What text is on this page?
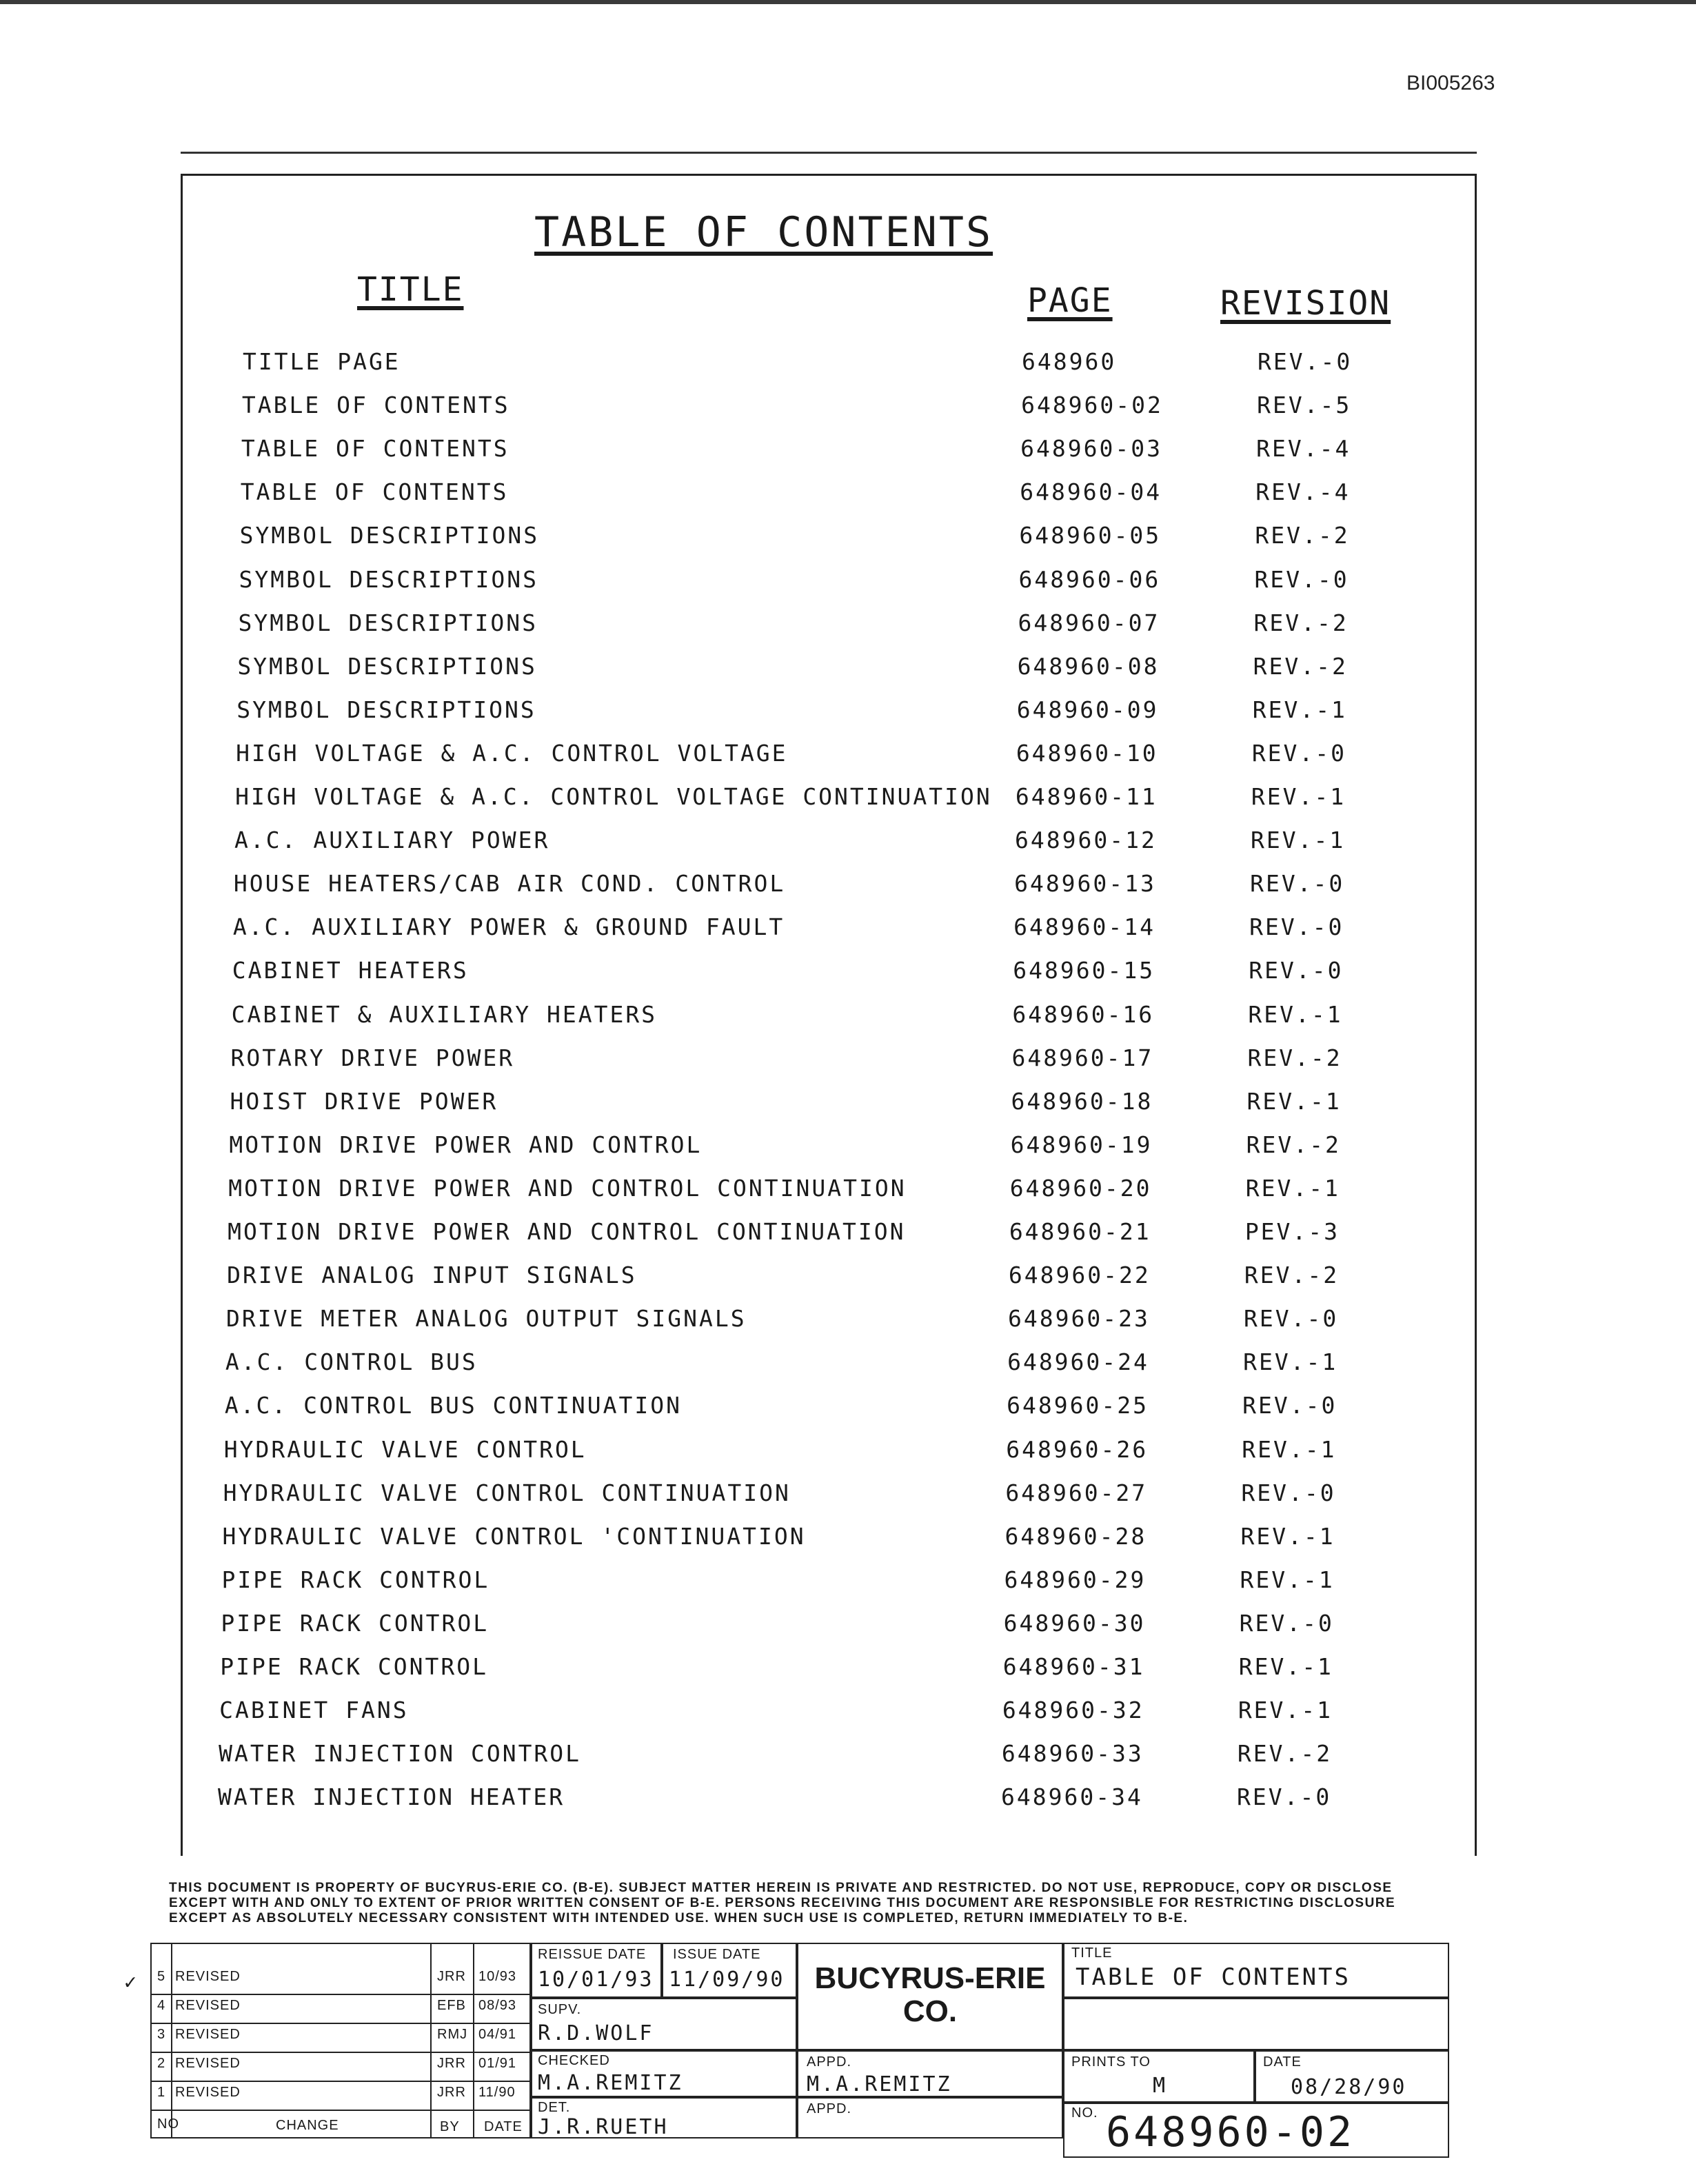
BI005263
TABLE OF CONTENTS
TITLE	PAGE	REVISION
TITLE PAGE	648960	REV.-0
TABLE OF CONTENTS	648960-02	REV.-5
TABLE OF CONTENTS	648960-03	REV.-4
TABLE OF CONTENTS	648960-04	REV.-4
SYMBOL DESCRIPTIONS	648960-05	REV.-2
SYMBOL DESCRIPTIONS	648960-06	REV.-0
SYMBOL DESCRIPTIONS	648960-07	REV.-2
SYMBOL DESCRIPTIONS	648960-08	REV.-2
SYMBOL DESCRIPTIONS	648960-09	REV.-1
HIGH VOLTAGE & A.C. CONTROL VOLTAGE	648960-10	REV.-0
HIGH VOLTAGE & A.C. CONTROL VOLTAGE CONTINUATION 648960-11	REV.-1
A.C. AUXILIARY POWER	648960-12	REV.-1
HOUSE HEATERS/CAB AIR COND. CONTROL	648960-13	REV.-0
A.C. AUXILIARY POWER & GROUND FAULT	648960-14	REV.-0
CABINET HEATERS	648960-15	REV.-0
CABINET & AUXILIARY HEATERS	648960-16	REV.-1
ROTARY DRIVE POWER	648960-17	REV.-2
HOIST DRIVE POWER	648960-18	REV.-1
MOTION DRIVE POWER AND CONTROL	648960-19	REV.-2
MOTION DRIVE POWER AND CONTROL CONTINUATION	648960-20	REV.-1
MOTION DRIVE POWER AND CONTROL CONTINUATION	648960-21	PEV.-3
DRIVE ANALOG INPUT SIGNALS	648960-22	REV.-2
DRIVE METER ANALOG OUTPUT SIGNALS	648960-23	REV.-0
A.C. CONTROL BUS	648960-24	REV.-1
A.C. CONTROL BUS CONTINUATION	648960-25	REV.-0
HYDRAULIC VALVE CONTROL	648960-26	REV.-1
HYDRAULIC VALVE CONTROL CONTINUATION	648960-27	REV.-0
HYDRAULIC VALVE CONTROL 'CONTINUATION	648960-28	REV.-1
PIPE RACK CONTROL	648960-29	REV.-1
PIPE RACK CONTROL	648960-30	REV.-0
PIPE RACK CONTROL	648960-31	REV.-1
CABINET FANS	648960-32	REV.-1
WATER INJECTION CONTROL	648960-33	REV.-2
WATER INJECTION HEATER	648960-34	REV.-0
THIS DOCUMENT IS PROPERTY OF BUCYRUS-ERIE CO. (B-E). SUBJECT MATTER HEREIN IS PRIVATE AND RESTRICTED. DO NOT USE, REPRODUCE, COPY OR DISCLOSE EXCEPT WITH AND ONLY TO EXTENT OF PRIOR WRITTEN CONSENT OF B-E. PERSONS RECEIVING THIS DOCUMENT ARE RESPONSIBLE FOR RESTRICTING DISCLOSURE EXCEPT AS ABSOLUTELY NECESSARY CONSISTENT WITH INTENDED USE. WHEN SUCH USE IS COMPLETED, RETURN IMMEDIATELY TO B-E.
✓ 5 REVISED	JRR 10/93
4 REVISED	EFB 08/93
3 REVISED	RMJ 04/91
2 REVISED	JRR 01/91
1 REVISED	JRR 11/90
NO	CHANGE	BY DATE
REISSUE DATE
10/01/93
ISSUE DATE
11/09/90
SUPV.
R.D.WOLF
CHECKED
M.A.REMITZ
DET.
J.R.RUETH
BUCYRUS-ERIE CO.
APPD.
M.A.REMITZ
APPD.
TITLE
TABLE OF CONTENTS
PRINTS TO
M
DATE
08/28/90
NO. 648960-02
